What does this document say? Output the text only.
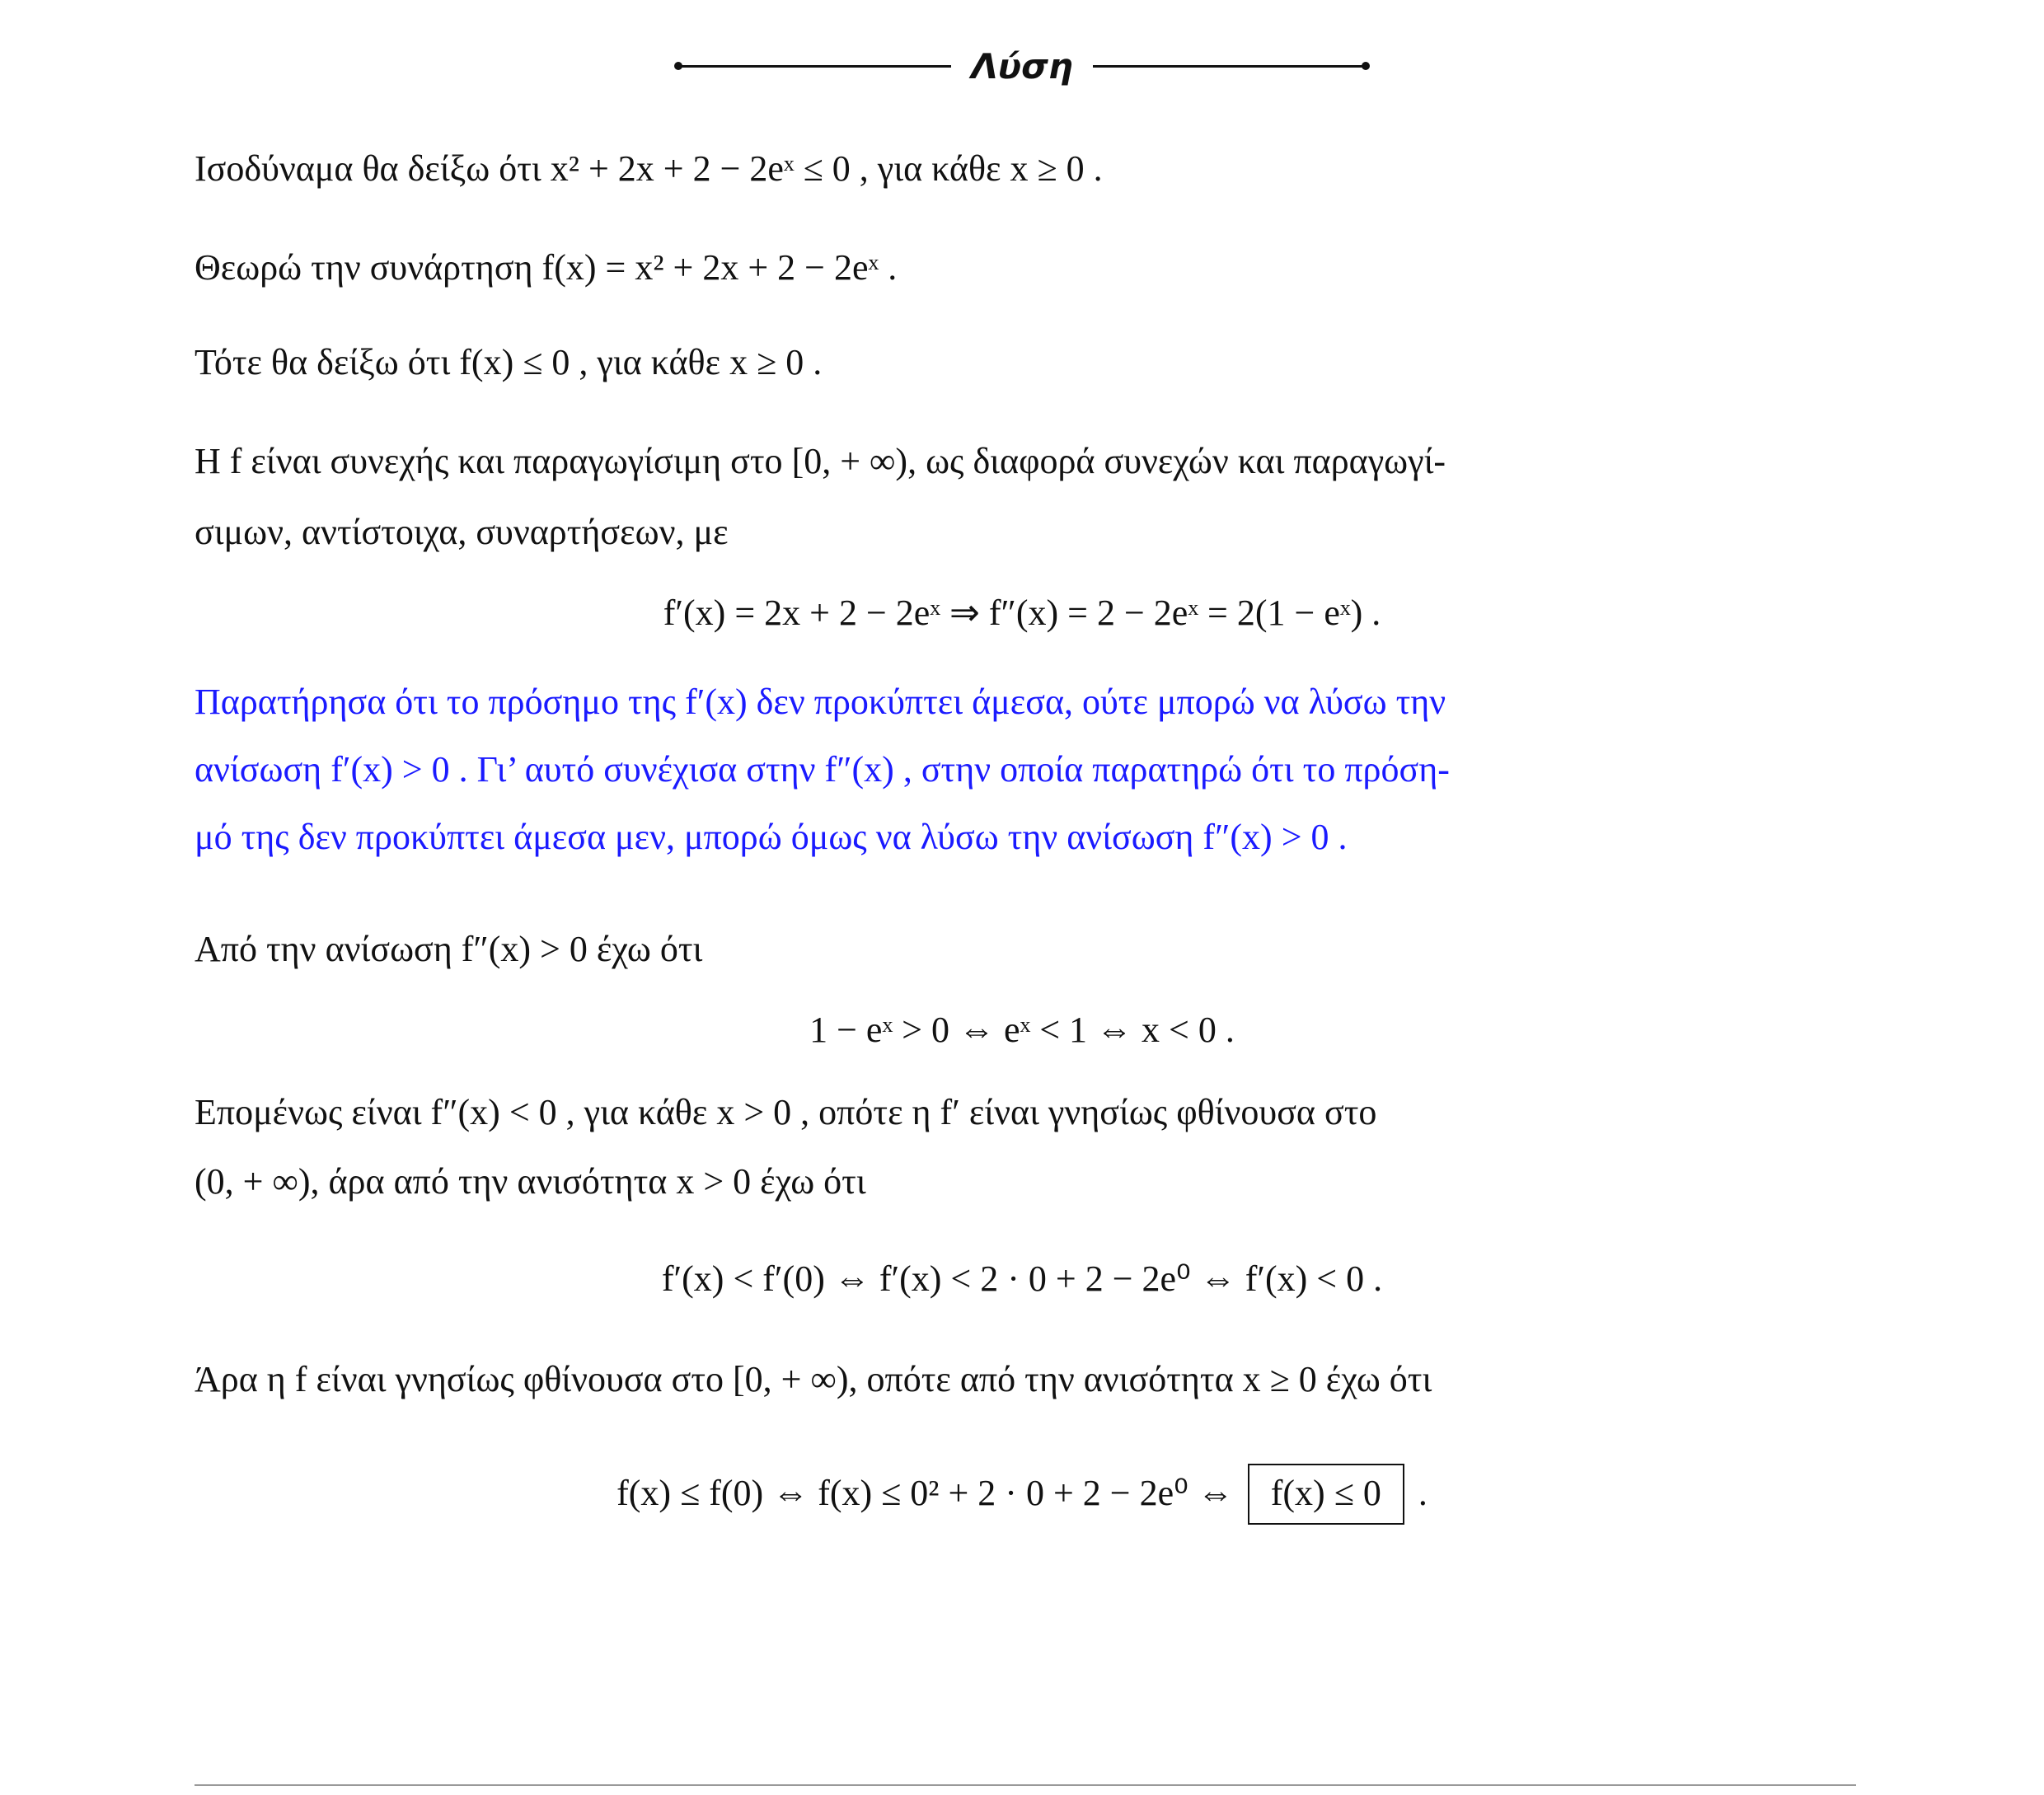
Λύση
Ισοδύναμα θα δείξω ότι x² + 2x + 2 − 2eˣ ≤ 0 , για κάθε x ≥ 0 .
Θεωρώ την συνάρτηση f(x) = x² + 2x + 2 − 2eˣ .
Τότε θα δείξω ότι f(x) ≤ 0 , για κάθε x ≥ 0 .
Η f είναι συνεχής και παραγωγίσιμη στο [0, + ∞), ως διαφορά συνεχών και παραγωγί-
σιμων, αντίστοιχα, συναρτήσεων, με
f′(x) = 2x + 2 − 2eˣ ⇒ f″(x) = 2 − 2eˣ = 2(1 − eˣ) .
Παρατήρησα ότι το πρόσημο της f′(x) δεν προκύπτει άμεσα, ούτε μπορώ να λύσω την
ανίσωση f′(x) > 0 . Γι’ αυτό συνέχισα στην f″(x) , στην οποία παρατηρώ ότι το πρόση-
μό της δεν προκύπτει άμεσα μεν, μπορώ όμως να λύσω την ανίσωση f″(x) > 0 .
Από την ανίσωση f″(x) > 0 έχω ότι
1 − eˣ > 0 ⇔ eˣ < 1 ⇔ x < 0 .
Επομένως είναι f″(x) < 0 , για κάθε x > 0 , οπότε η f′ είναι γνησίως φθίνουσα στο
(0, + ∞), άρα από την ανισότητα x > 0 έχω ότι
f′(x) < f′(0) ⇔ f′(x) < 2 · 0 + 2 − 2e⁰ ⇔ f′(x) < 0 .
Άρα η f είναι γνησίως φθίνουσα στο [0, + ∞), οπότε από την ανισότητα x ≥ 0 έχω ότι
f(x) ≤ f(0) ⇔ f(x) ≤ 0² + 2 · 0 + 2 − 2e⁰ ⇔ f(x) ≤ 0 .
